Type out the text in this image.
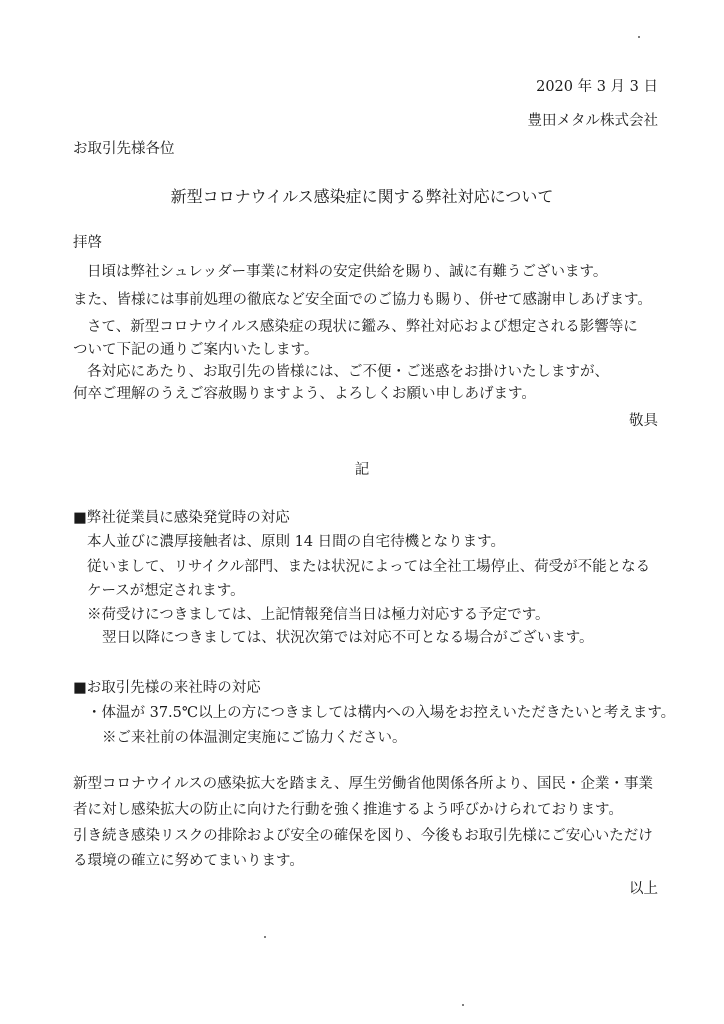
2020 年 3 月 3 日
豊田メタル株式会社
お取引先様各位
新型コロナウイルス感染症に関する弊社対応について
拝啓
日頃は弊社シュレッダー事業に材料の安定供給を賜り、誠に有難うございます。
また、皆様には事前処理の徹底など安全面でのご協力も賜り、併せて感謝申しあげます。
さて、新型コロナウイルス感染症の現状に鑑み、弊社対応および想定される影響等に
ついて下記の通りご案内いたします。
各対応にあたり、お取引先の皆様には、ご不便・ご迷惑をお掛けいたしますが、
何卒ご理解のうえご容赦賜りますよう、よろしくお願い申しあげます。
敬具
記
■弊社従業員に感染発覚時の対応
本人並びに濃厚接触者は、原則 14 日間の自宅待機となります。
従いまして、リサイクル部門、または状況によっては全社工場停止、荷受が不能となる
ケースが想定されます。
※荷受けにつきましては、上記情報発信当日は極力対応する予定です。
翌日以降につきましては、状況次第では対応不可となる場合がございます。
■お取引先様の来社時の対応
・体温が 37.5℃以上の方につきましては構内への入場をお控えいただきたいと考えます。
※ご来社前の体温測定実施にご協力ください。
新型コロナウイルスの感染拡大を踏まえ、厚生労働省他関係各所より、国民・企業・事業
者に対し感染拡大の防止に向けた行動を強く推進するよう呼びかけられております。
引き続き感染リスクの排除および安全の確保を図り、今後もお取引先様にご安心いただけ
る環境の確立に努めてまいります。
以上
